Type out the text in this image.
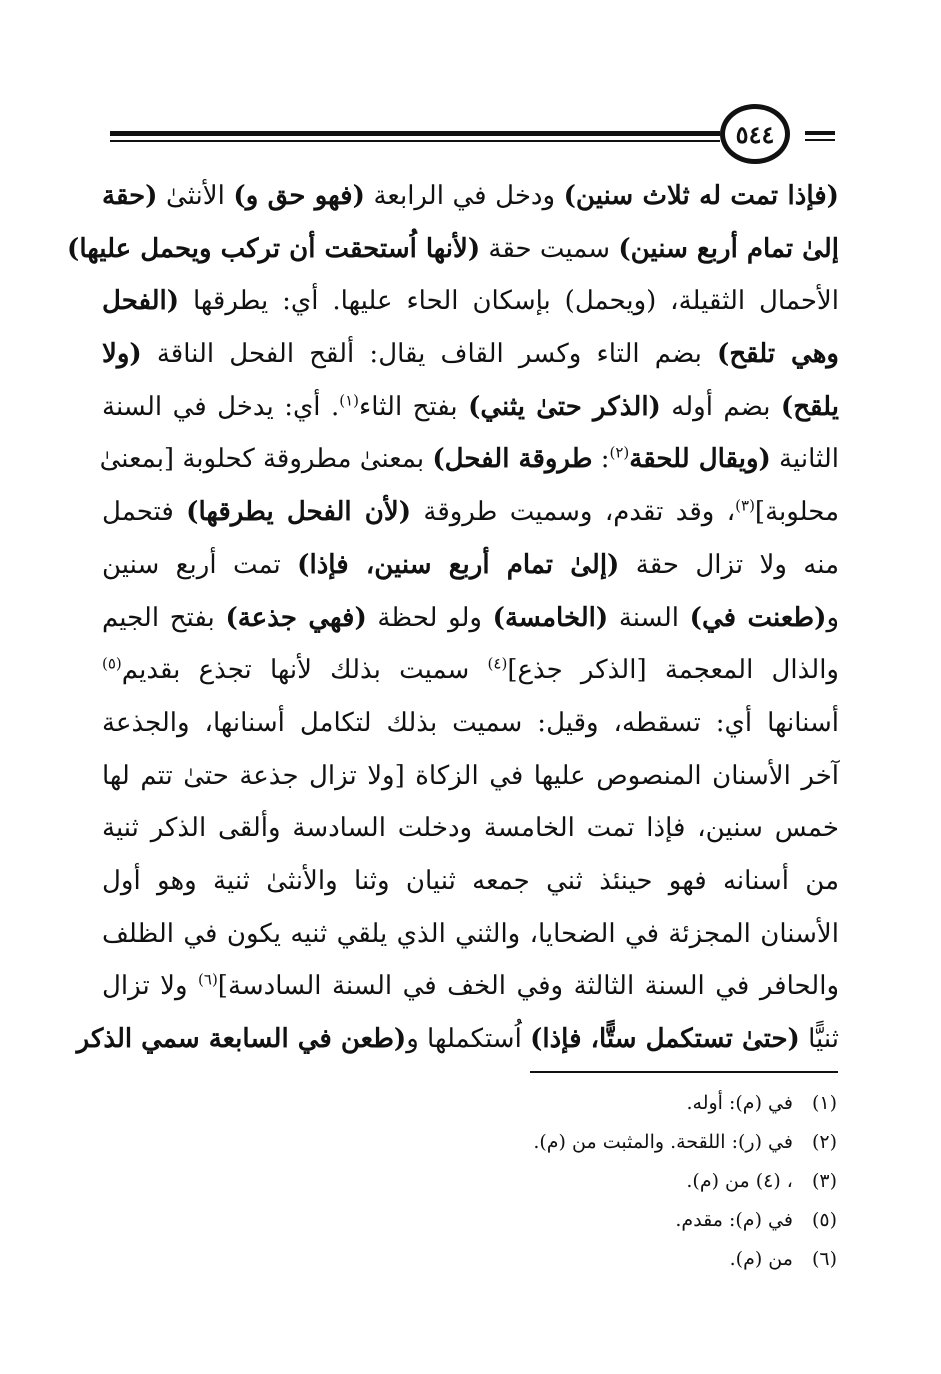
٥٤٤
(فإذا تمت له ثلاث سنين) ودخل في الرابعة (فهو حق و) الأنثىٰ (حقة
إلىٰ تمام أربع سنين) سميت حقة (لأنها اُستحقت أن تركب ويحمل عليها)
الأحمال الثقيلة، (ويحمل) بإسكان الحاء عليها. أي: يطرقها (الفحل
وهي تلقح) بضم التاء وكسر القاف يقال: ألقح الفحل الناقة (ولا
يلقح) بضم أوله (الذكر حتىٰ يثني) بفتح الثاء$^{(١)}$. أي: يدخل في السنة
الثانية (ويقال للحقة$^{(٢)}$: طروقة الفحل) بمعنىٰ مطروقة كحلوبة [بمعنىٰ
محلوبة]$^{(٣)}$، وقد تقدم، وسميت طروقة (لأن الفحل يطرقها) فتحمل
منه ولا تزال حقة (إلىٰ تمام أربع سنين، فإذا) تمت أربع سنين
و(طعنت في) السنة (الخامسة) ولو لحظة (فهي جذعة) بفتح الجيم
والذال المعجمة [الذكر جذع]$^{(٤)}$ سميت بذلك لأنها تجذع بقديم$^{(٥)}$
أسنانها أي: تسقطه، وقيل: سميت بذلك لتكامل أسنانها، والجذعة
آخر الأسنان المنصوص عليها في الزكاة [ولا تزال جذعة حتىٰ تتم لها
خمس سنين، فإذا تمت الخامسة ودخلت السادسة وألقى الذكر ثنية
من أسنانه فهو حينئذ ثني جمعه ثنيان وثنا والأنثىٰ ثنية وهو أول
الأسنان المجزئة في الضحايا، والثني الذي يلقي ثنيه يكون في الظلف
والحافر في السنة الثالثة وفي الخف في السنة السادسة]$^{(٦)}$ ولا تزال
ثنيًّا (حتىٰ تستكمل ستًّا، فإذا) اُستكملها و(طعن في السابعة سمي الذكر
(١) في (م): أوله.
(٢) في (ر): اللقحة. والمثبت من (م).
(٣) ، (٤) من (م).
(٥) في (م): مقدم.
(٦) من (م).
